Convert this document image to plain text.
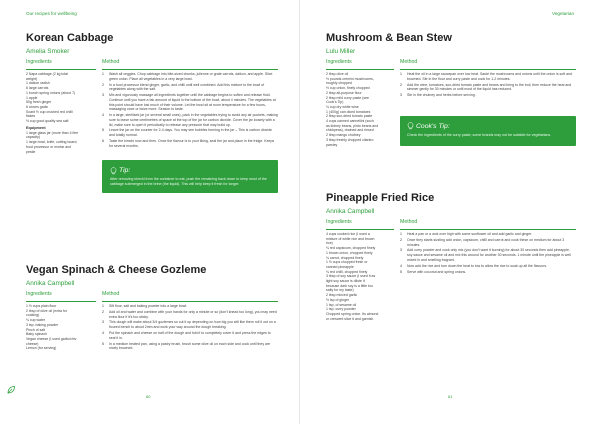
Our recipes for wellbeing
Korean Cabbage
Amelia Smoker
Ingredients
2 Napa cabbage (2 kg total
weight)
1 daikon radish
6 large carrots
1 bunch spring onions (about 7)
1 apple
50g fresh ginger
6 cloves garlic
Scant ½ cup crushed red chilli
flakes
½ cup good quality sea salt
Equipment
1 large glass jar (more than 4 litre
capacity)
1 large bowl, knife, cutting board,
food processor or mortar and
pestle
Method
1	Wash all veggies. Chop cabbage into bite-sized chunks, julienne or grate carrots, daikon, and apple. Slice green onion. Place all vegetables in a very large bowl.
2	In a food processor blend ginger, garlic, and chilli until well combined. Add this mixture to the bowl of vegetables along with the salt.
3	Mix and vigorously massage all ingredients together until the cabbage begins to soften and release fluid. Continue until you have a fair amount of liquid in the bottom of the bowl, about 4 minutes. The vegetables at this point should have lost much of their volume. Let the bowl sit at room temperature for a few hours, massaging once or twice more. Season to taste.
4	In a large, sterilised jar (or several small ones), pack in the vegetables trying to avoid any air pockets, making sure to leave some centimetres of space at the top of the jar for carbon dioxide. Cover the jar loosely with a lid, make sure to open it periodically to release any pressure that may build up.
5	Leave the jar on the counter for 2-4 days. You may see bubbles forming in the jar – This is carbon dioxide and totally normal.
6	Taste the kimchi now and then. Once the flavour is to your liking, seal the jar and place in the fridge. Keeps for several months.
Tip:
After removing kimchi from the container to eat, push the remaining back down to keep most of the cabbage submerged in the brine (the liquid). This will help keep it fresh for longer.
Vegan Spinach & Cheese Gozleme
Annika Campbell
Ingredients
1 ½ cups plain flour
2 tbsp of olive oil (extra for
cooking)
¾ cup water
3 tsp. baking powder
Pinch of salt
Baby spinach
Vegan cheese (I used garlic/chiv
cheese)
Lemon (for serving)
Method
1	Sift flour, salt and baking powder into a large bowl.
2	Add oil and water and combine with your hands for only a minute or so (don't knead too long), you may need extra flour if it's too sticky.
3	This dough will make about 3/4 gozlemes so cut it up depending on how big you will like them roll it out on a floured bench to about 2mm and work your way around the dough breaking.
4	Put the spinach and cheese on half of the dough and fold it to completely cover it and press the edges to seal it in.
5	In a medium heated pan, using a pastry brush, brush some olive oil on each side and cook until they are nicely browned.
60
Vegetarian
Mushroom & Bean Stew
Lulu Miller
Ingredients
2 tbsp olive oil
½ pounds cremini mushrooms,
roughly chopped
½ cup onion, finely chopped
2 tbsp all-purpose flour
2 tbsp mild curry paste (see
Cook's Tip)
¾ cup dry white wine
1 (400g) can diced tomatoes
2 tbsp sun-dried tomato paste
4 cups canned cannellini (such
as kidney beans, pinto beans and
chickpeas), drained and rinsed
2 tbsp mango chutney
3 tbsp freshly chopped cilantro
parsley
Method
1	Heat the oil in a large saucepan over low heat. Sauté the mushrooms and onions until the onion is soft and browned. Stir in the flour and curry paste and cook for 1-2 minutes.
2	Add the wine, tomatoes, sun-dried tomato paste and beans and bring to the boil, then reduce the heat and simmer gently for 30 minutes or until most of the liquid has reduced.
3	Stir in the chutney and herbs before serving.
Cook's Tip:
Check the ingredients of the curry paste; some brands may not be suitable for vegetarians.
Pineapple Fried Rice
Annika Campbell
Ingredients
4 cups cooked rice (I used a
mixture of white rice and brown
rice)
¾ red capsicum, chopped finely
1 brown onion, chopped finely
¾ carrot, chopped finely
1 ½ cups chopped fresh or
canned pineapple
¾ red chilli, chopped finely
3 tbsp of soy sauce (I used it as
light soy sauce is dilute it
because dark soy is a little too
salty for my taste)
2 tbsp minced garlic
½ tsp of ginger
1 tsp. of sesame oil
1 tsp. curry powder
Chopped spring onion. Its almond
or crescent slice it and garnish
Method
1	Heat a pan or a wok over high with some sunflower oil and add garlic and ginger.
2	Once they starts sizzling add onion, capsicum, chilli and carrot and cook these on medium for about 3 minutes.
3	Add curry powder and cook only mix (you don't want it burning) for about 30 seconds then add pineapple, soy sauce and sesame oil and mix this around for another 30 seconds. 1 minute until the pineapple is well mixed in and smelling fragrant.
4	Now add the rice and turn down the heat to low to allow the rice to soak up all the flavours.
5	Serve with coconut and spring onions.
61
